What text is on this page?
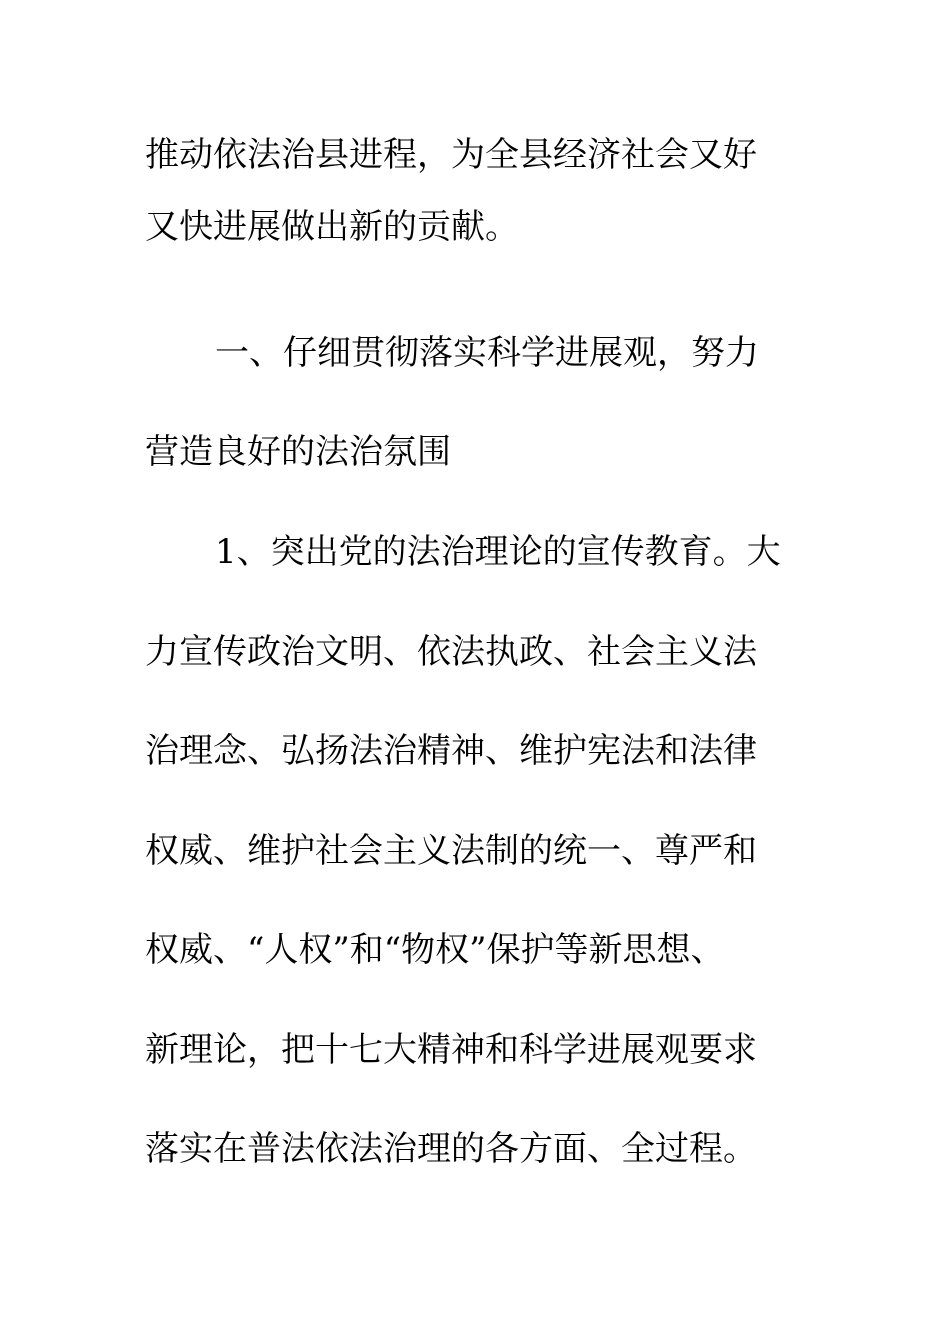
推动依法治县进程，为全县经济社会又好

又快进展做出新的贡献。

一、仔细贯彻落实科学进展观，努力

营造良好的法治氛围

1、突出党的法治理论的宣传教育。大

力宣传政治文明、依法执政、社会主义法

治理念、弘扬法治精神、维护宪法和法律

权威、维护社会主义法制的统一、尊严和

权威、“人权”和“物权”保护等新思想、

新理论，把十七大精神和科学进展观要求

落实在普法依法治理的各方面、全过程。
